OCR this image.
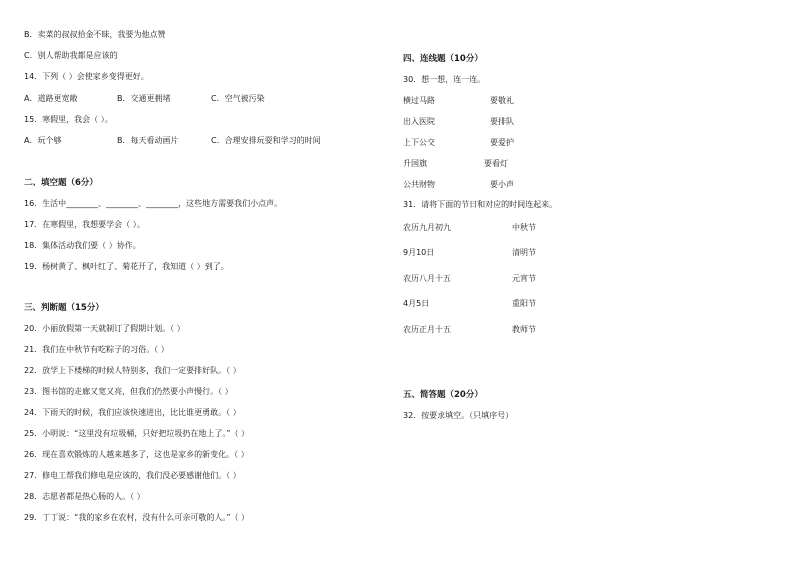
B．卖菜的叔叔拾金不昧，我要为他点赞
C．别人帮助我都是应该的
14．下列（ ）会使家乡变得更好。
A．道路更宽敞	B．交通更拥堵	C．空气被污染
15．寒假里，我会（ ）。
A．玩个够	B．每天看动画片	C．合理安排玩耍和学习的时间
二、填空题（6分）
16．生活中________、________、________，这些地方需要我们小点声。
17．在寒假里，我想要学会（ ）。
18．集体活动我们要（ ）协作。
19．杨树黄了、枫叶红了、菊花开了，我知道（ ）到了。
三、判断题（15分）
20．小丽放假第一天就制订了假期计划。（ ）
21．我们在中秋节有吃粽子的习俗。（ ）
22．放学上下楼梯的时候人特别多，我们一定要排好队。（ ）
23．图书馆的走廊又宽又亮，但我们仍然要小声慢行。（ ）
24．下雨天的时候，我们应该快速进出，比比谁更勇敢。（ ）
25．小明说：“这里没有垃圾桶，只好把垃圾扔在地上了。”（ ）
26．现在喜欢锻炼的人越来越多了，这也是家乡的新变化。（ ）
27．修电工帮我们修电是应该的，我们没必要感谢他们。（ ）
28．志愿者都是热心肠的人。（ ）
29．丁丁说：“我的家乡在农村，没有什么可亲可敬的人。”（ ）
四、连线题（10分）
30．想一想，连一连。
横过马路	要敬礼
出入医院	要排队
上下公交	要爱护
升国旗	要看灯
公共财物	要小声
31．请将下面的节日和对应的时间连起来。
农历九月初九	中秋节
9月10日	清明节
农历八月十五	元宵节
4月5日	重阳节
农历正月十五	教师节
五、简答题（20分）
32．按要求填空。（只填序号）
